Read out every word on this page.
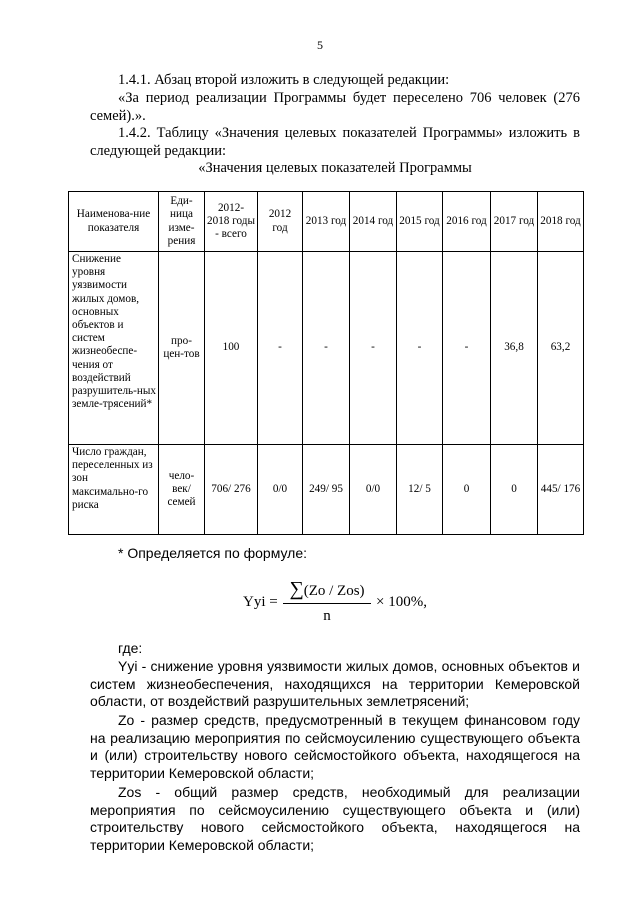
5
1.4.1. Абзац второй изложить в следующей редакции:
«За период реализации Программы будет переселено 706 человек (276 семей).».
1.4.2. Таблицу «Значения целевых показателей Программы» изложить в следующей редакции:
«Значения целевых показателей Программы
Наименова-ние показателя	Еди-ница изме-рения	2012-2018 годы - всего	2012 год	2013 год	2014 год	2015 год	2016 год	2017 год	2018 год
Снижение уровня уязвимости жилых домов, основных объектов и систем жизнеобеспе-чения от воздействий разрушитель-ных земле-трясений*	про-цен-тов	100	-	-	-	-	-	36,8	63,2
Число граждан, переселенных из зон максимально-го риска	чело-век/ семей	706/ 276	0/0	249/ 95	0/0	12/ 5	0	0	445/ 176
* Определяется по формуле:
Yyi =
∑(Zo / Zos)
n
× 100%,
где:
Yyi - снижение уровня уязвимости жилых домов, основных объектов и систем жизнеобеспечения, находящихся на территории Кемеровской области, от воздействий разрушительных землетрясений;
Zo - размер средств, предусмотренный в текущем финансовом году на реализацию мероприятия по сейсмоусилению существующего объекта и (или) строительству нового сейсмостойкого объекта, находящегося на территории Кемеровской области;
Zos - общий размер средств, необходимый для реализации мероприятия по сейсмоусилению существующего объекта и (или) строительству нового сейсмостойкого объекта, находящегося на территории Кемеровской области;
